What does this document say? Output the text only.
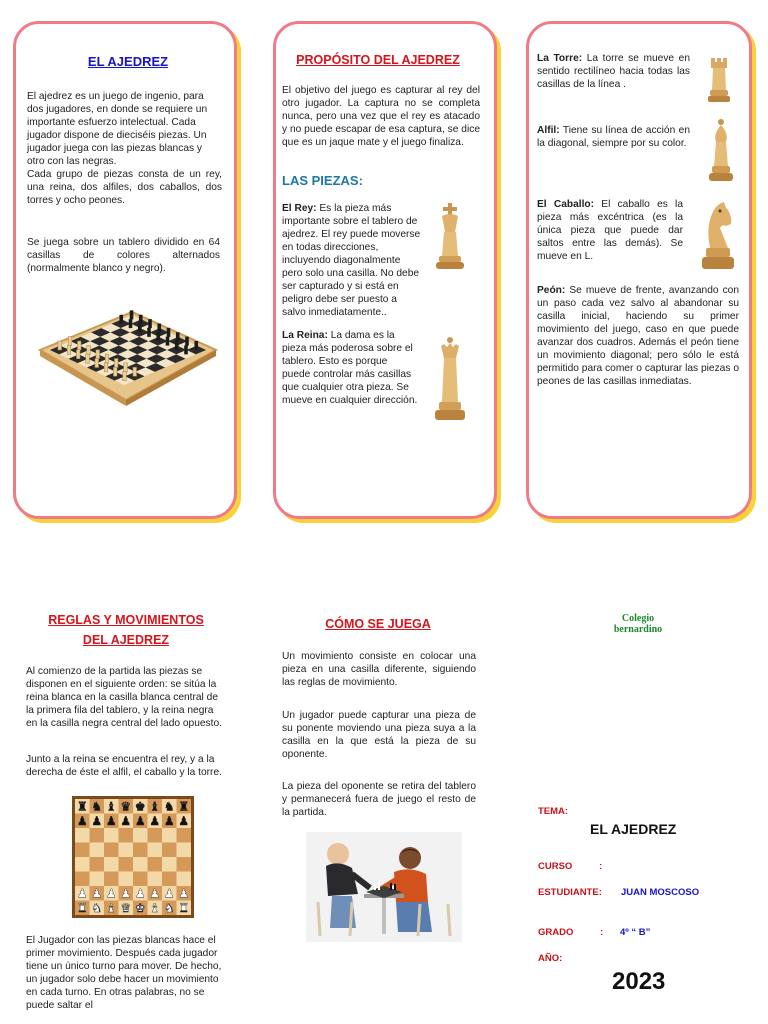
EL AJEDREZ
El ajedrez es un juego de ingenio, para dos jugadores, en donde se requiere un importante esfuerzo intelectual. Cada jugador dispone de dieciséis piezas. Un jugador juega con las piezas blancas y otro con las negras.
Cada grupo de piezas consta de un rey, una reina, dos alfiles, dos caballos, dos torres y ocho peones.
Se juega sobre un tablero dividido en 64 casillas de colores alternados (normalmente blanco y negro).
PROPÓSITO DEL AJEDREZ
El objetivo del juego es capturar al rey del otro jugador. La captura no se completa nunca, pero una vez que el rey es atacado y no puede escapar de esa captura, se dice que es un jaque mate y el juego finaliza.
LAS PIEZAS:
El Rey: Es la pieza más importante sobre el tablero de ajedrez. El rey puede moverse en todas direcciones, incluyendo diagonalmente pero solo una casilla. No debe ser capturado y si está en peligro debe ser puesto a salvo inmediatamente..
La Reina: La dama es la pieza más poderosa sobre el tablero. Esto es porque puede controlar más casillas que cualquier otra pieza. Se mueve en cualquier dirección.
La Torre: La torre se mueve en sentido rectilíneo hacia todas las casillas de la línea .
Alfil: Tiene su línea de acción en la diagonal, siempre por su color.
El Caballo: El caballo es la pieza más excéntrica (es la única pieza que puede dar saltos entre las demás). Se mueve en L.
Peón: Se mueve de frente, avanzando con un paso cada vez salvo al abandonar su casilla inicial, haciendo su primer movimiento del juego, caso en que puede avanzar dos cuadros. Además el peón tiene un movimiento diagonal; pero sólo le está permitido para comer o capturar las piezas o peones de las casillas inmediatas.
REGLAS Y MOVIMIENTOS
DEL AJEDREZ
Al comienzo de la partida las piezas se disponen en el siguiente orden: se sitúa la reina blanca en la casilla blanca central de la primera fila del tablero, y la reina negra en la casilla negra central del lado opuesto.
Junto a la reina se encuentra el rey, y a la derecha de éste el alfil, el caballo y la torre.
♜ ♞ ♝ ♛ ♚ ♝ ♞ ♜
♟ ♟ ♟ ♟ ♟ ♟ ♟ ♟
♟ ♟ ♟ ♟ ♟ ♟ ♟ ♟
♜ ♞ ♝ ♛ ♚ ♝ ♞ ♜
El Jugador con las piezas blancas hace el primer movimiento. Después cada jugador tiene un único turno para mover. De hecho, un jugador solo debe hacer un movimiento en cada turno. En otras palabras, no se puede saltar el
CÓMO SE JUEGA
Un movimiento consiste en colocar una pieza en una casilla diferente, siguiendo las reglas de movimiento.
Un jugador puede capturar una pieza de su ponente moviendo una pieza suya a la casilla en la que está la pieza de su oponente.
La pieza del oponente se retira del tablero y permanecerá fuera de juego el resto de la partida.
Colegio
bernardino
TEMA:
EL AJEDREZ
CURSO	:
ESTUDIANTE: JUAN MOSCOSO
GRADO	: 4º “ B”
AÑO:
2023
